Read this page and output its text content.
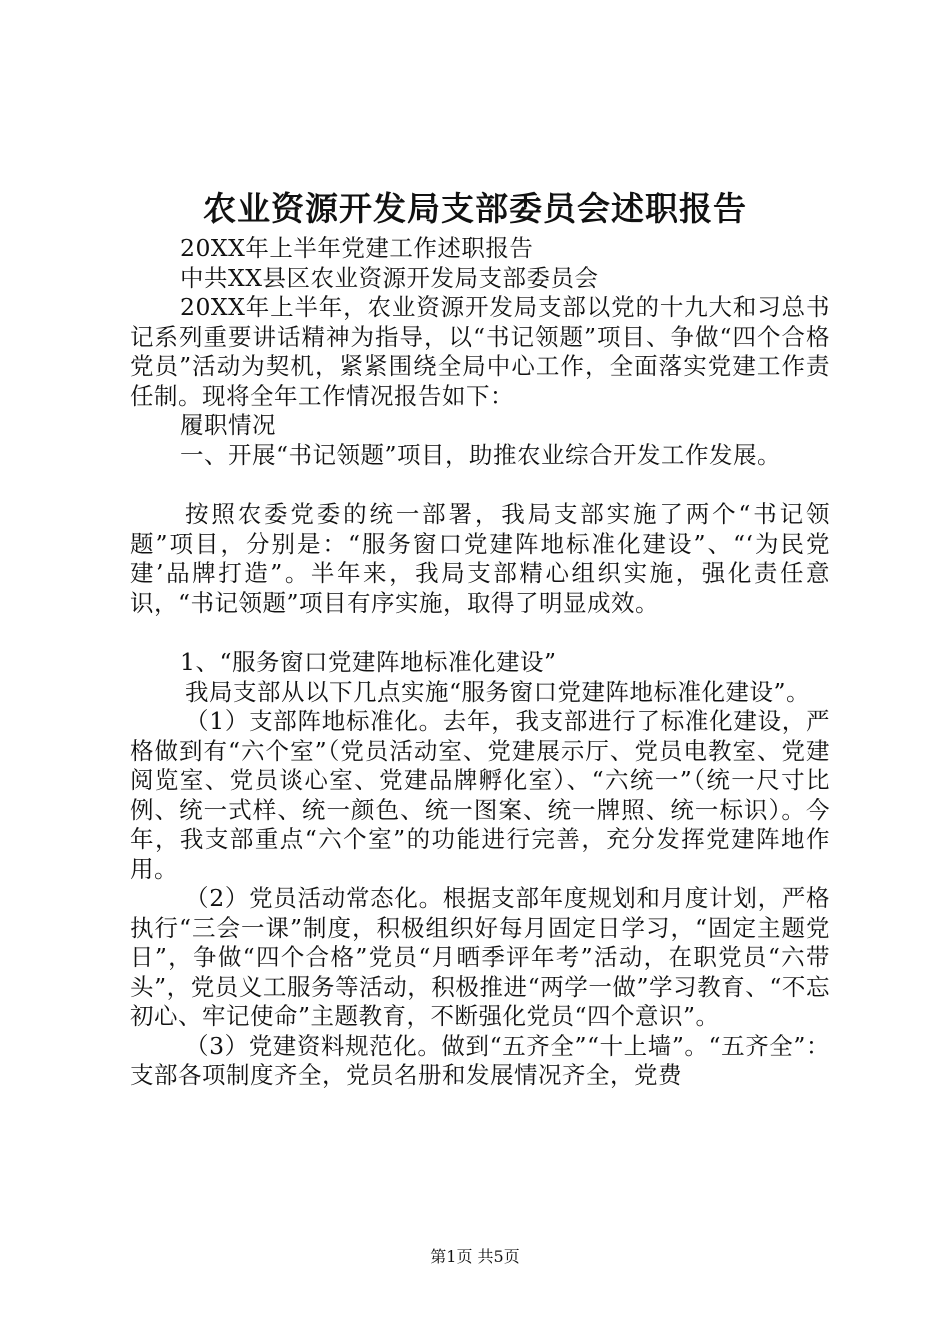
农业资源开发局支部委员会述职报告

20XX年上半年党建工作述职报告

中共XX县区农业资源开发局支部委员会

20XX年上半年，农业资源开发局支部以党的十九大和习总书记系列重要讲话精神为指导，以“书记领题”项目、争做“四个合格党员”活动为契机，紧紧围绕全局中心工作，全面落实党建工作责任制。现将全年工作情况报告如下：

履职情况

一、开展“书记领题”项目，助推农业综合开发工作发展。

按照农委党委的统一部署，我局支部实施了两个“书记领题”项目，分别是：“服务窗口党建阵地标准化建设”、“‘为民党建’品牌打造”。半年来，我局支部精心组织实施，强化责任意识，“书记领题”项目有序实施，取得了明显成效。

1、“服务窗口党建阵地标准化建设”

我局支部从以下几点实施“服务窗口党建阵地标准化建设”。

（1）支部阵地标准化。去年，我支部进行了标准化建设，严格做到有“六个室”（党员活动室、党建展示厅、党员电教室、党建阅览室、党员谈心室、党建品牌孵化室）、“六统一”（统一尺寸比例、统一式样、统一颜色、统一图案、统一牌照、统一标识）。今年，我支部重点“六个室”的功能进行完善，充分发挥党建阵地作用。

（2）党员活动常态化。根据支部年度规划和月度计划，严格执行“三会一课”制度，积极组织好每月固定日学习，“固定主题党日”，争做“四个合格”党员“月晒季评年考”活动，在职党员“六带头”，党员义工服务等活动，积极推进“两学一做”学习教育、“不忘初心、牢记使命”主题教育，不断强化党员“四个意识”。

（3）党建资料规范化。做到“五齐全”“十上墙”。“五齐全”：支部各项制度齐全，党员名册和发展情况齐全，党费

第1页 共5页
